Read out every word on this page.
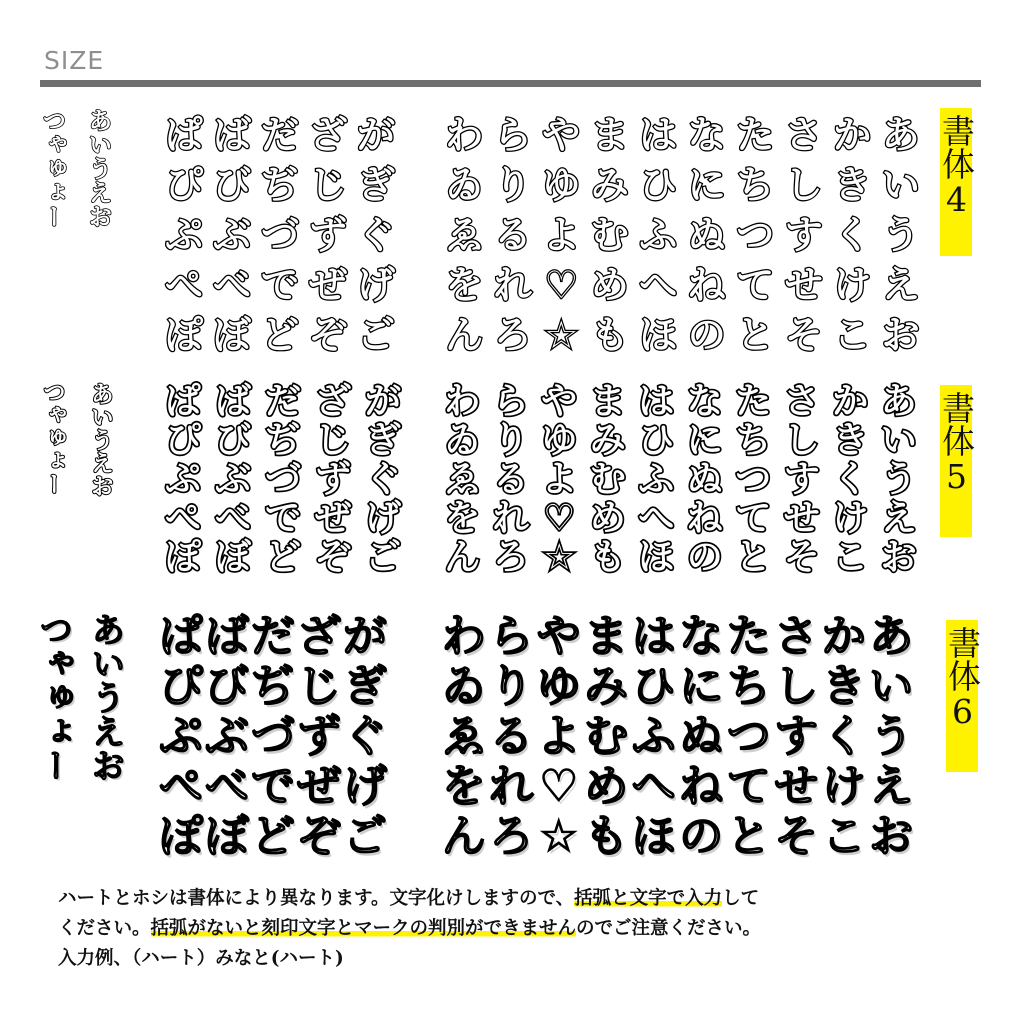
SIZE
つゃゅょー あいうえお ぱ ば だ ざ が
ぴ び ぢ じ ぎ
ぷ ぶ づ ず ぐ
ぺ べ で ぜ げ
ぽ ぼ ど ぞ ご
わ ら や ま は な た さ か あ
ゐ り ゆ み ひ に ち し き い
ゑ る よ む ふ ぬ つ す く う
を れ ♡ め へ ね て せ け え
ん ろ ☆ も ほ の と そ こ お
書体4
つゃゅょー あいうえお ぱ ば だ ざ が
ぴ び ぢ じ ぎ
ぷ ぶ づ ず ぐ
ぺ べ で ぜ げ
ぽ ぼ ど ぞ ご
わ ら や ま は な た さ か あ
ゐ り ゆ み ひ に ち し き い
ゑ る よ む ふ ぬ つ す く う
を れ ♡ め へ ね て せ け え
ん ろ ☆ も ほ の と そ こ お
書体5
つゃゅょー あいうえお ぱ ば だ ざ が
ぴ び ぢ じ ぎ
ぷ ぶ づ ず ぐ
ぺ べ で ぜ げ
ぽ ぼ ど ぞ ご
わ ら や ま は な た さ か あ
ゐ り ゆ み ひ に ち し き い
ゑ る よ む ふ ぬ つ す く う
を れ ♡ め へ ね て せ け え
ん ろ ☆ も ほ の と そ こ お
書体6
ハートとホシは書体により異なります。文字化けしますので、括弧と文字で入力して
ください。括弧がないと刻印文字とマークの判別ができませんのでご注意ください。
入力例、（ハート）みなと(ハート)
